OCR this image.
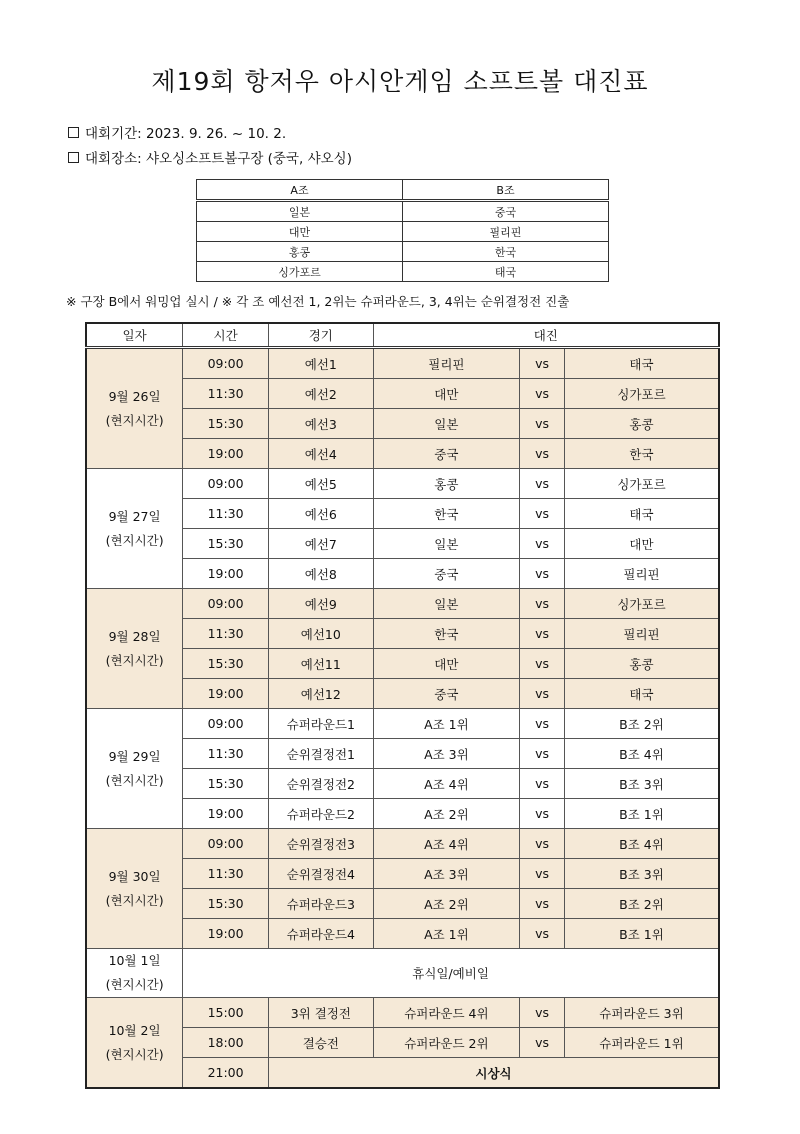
제19회 항저우 아시안게임 소프트볼 대진표
대회기간: 2023. 9. 26. ~ 10. 2.
대회장소: 샤오싱소프트볼구장 (중국, 샤오싱)
A조	B조
일본	중국
대만	필리핀
홍콩	한국
싱가포르	태국
※ 구장 B에서 워밍업 실시 / ※ 각 조 예선전 1, 2위는 슈퍼라운드, 3, 4위는 순위결정전 진출
일자	시간	경기	대진		
9월 26일
(현지시간)	09:00	예선1	필리핀	vs	태국
	11:30	예선2	대만	vs	싱가포르
	15:30	예선3	일본	vs	홍콩
	19:00	예선4	중국	vs	한국
9월 27일
(현지시간)	09:00	예선5	홍콩	vs	싱가포르
	11:30	예선6	한국	vs	태국
	15:30	예선7	일본	vs	대만
	19:00	예선8	중국	vs	필리핀
9월 28일
(현지시간)	09:00	예선9	일본	vs	싱가포르
	11:30	예선10	한국	vs	필리핀
	15:30	예선11	대만	vs	홍콩
	19:00	예선12	중국	vs	태국
9월 29일
(현지시간)	09:00	슈퍼라운드1	A조 1위	vs	B조 2위
	11:30	순위결정전1	A조 3위	vs	B조 4위
	15:30	순위결정전2	A조 4위	vs	B조 3위
	19:00	슈퍼라운드2	A조 2위	vs	B조 1위
9월 30일
(현지시간)	09:00	순위결정전3	A조 4위	vs	B조 4위
	11:30	순위결정전4	A조 3위	vs	B조 3위
	15:30	슈퍼라운드3	A조 2위	vs	B조 2위
	19:00	슈퍼라운드4	A조 1위	vs	B조 1위
10월 1일
(현지시간)	휴식일/예비일				
10월 2일
(현지시간)	15:00	3위 결정전	슈퍼라운드 4위	vs	슈퍼라운드 3위
	18:00	결승전	슈퍼라운드 2위	vs	슈퍼라운드 1위
	21:00	시상식			
